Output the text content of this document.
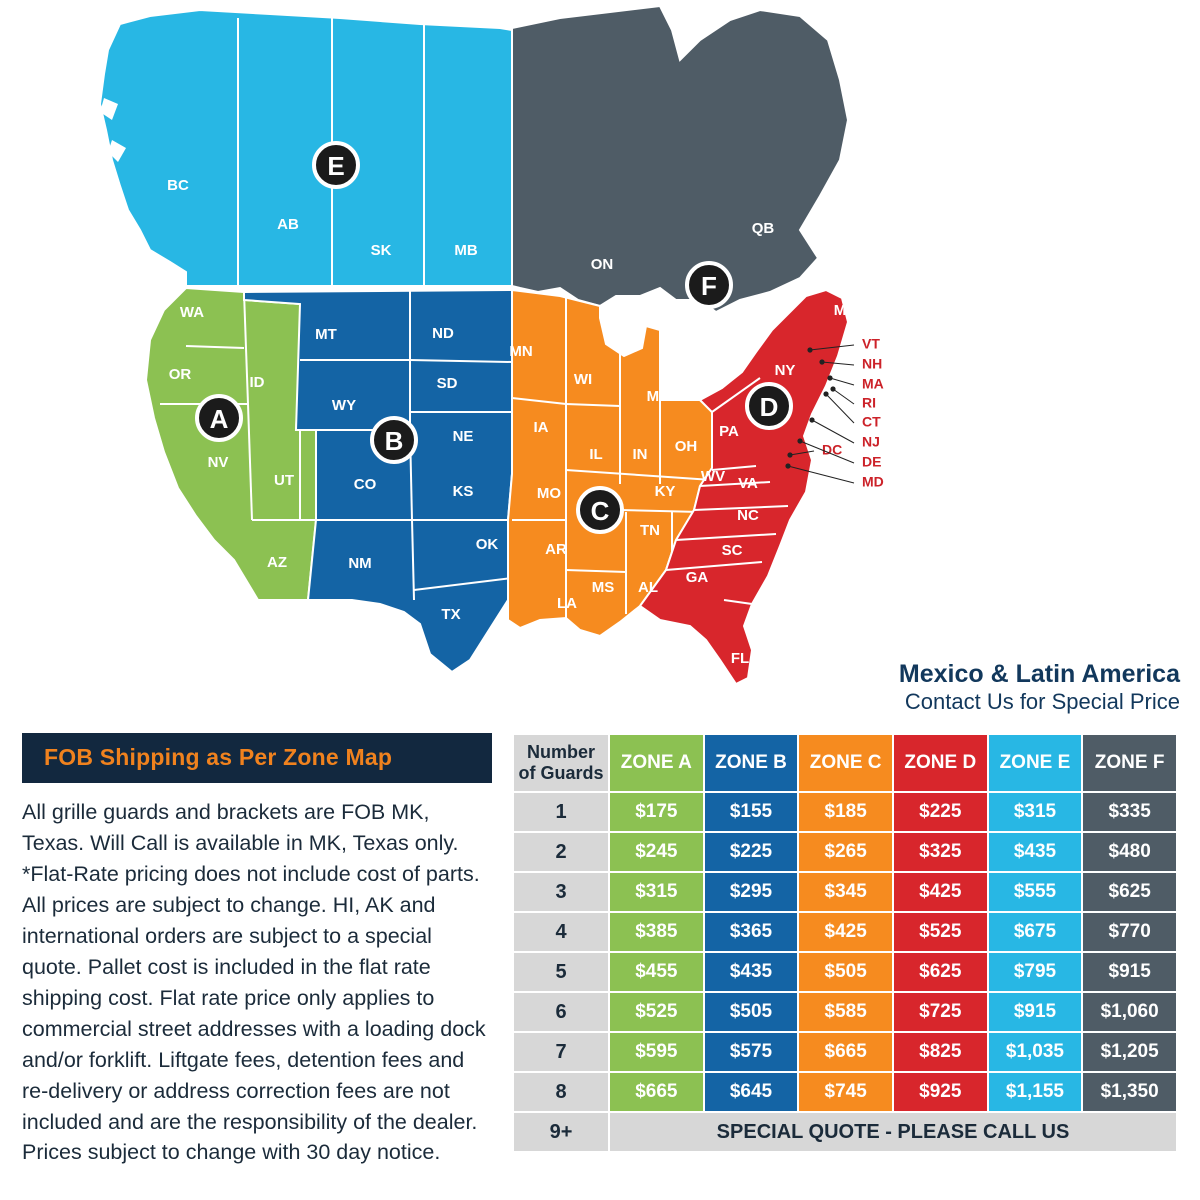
BC
AB
SK	MB
ON
QB
WA
OR	ID
MT	ND
SD
WY
NE
MN
WI
MI
IA
IL IN OH
PA
NY
ME
NV
UT	CO	KS	MO	KY
WV VA
CA
AZ	NM
OK	AR
TN
NC
SC
MS AL
GA
LA
TX
FL
VT
NH
MA
RI
CT
NJ
DC
DE
MD
A
B
C
D
E
F
Mexico & Latin America
Contact Us for Special Price
FOB Shipping as Per Zone Map
All grille guards and brackets are FOB MK, Texas. Will Call is available in MK, Texas only. *Flat-Rate pricing does not include cost of parts. All prices are subject to change. HI, AK and international orders are subject to a special quote. Pallet cost is included in the flat rate shipping cost. Flat rate price only applies to commercial street addresses with a loading dock and/or forklift. Liftgate fees, detention fees and re-delivery or address correction fees are not included and are the responsibility of the dealer. Prices subject to change with 30 day notice.
Number
of Guards	ZONE A	ZONE B	ZONE C	ZONE D	ZONE E	ZONE F
1	$175	$155	$185	$225	$315	$335
2	$245	$225	$265	$325	$435	$480
3	$315	$295	$345	$425	$555	$625
4	$385	$365	$425	$525	$675	$770
5	$455	$435	$505	$625	$795	$915
6	$525	$505	$585	$725	$915	$1,060
7	$595	$575	$665	$825	$1,035	$1,205
8	$665	$645	$745	$925	$1,155	$1,350
9+	SPECIAL QUOTE - PLEASE CALL US					
